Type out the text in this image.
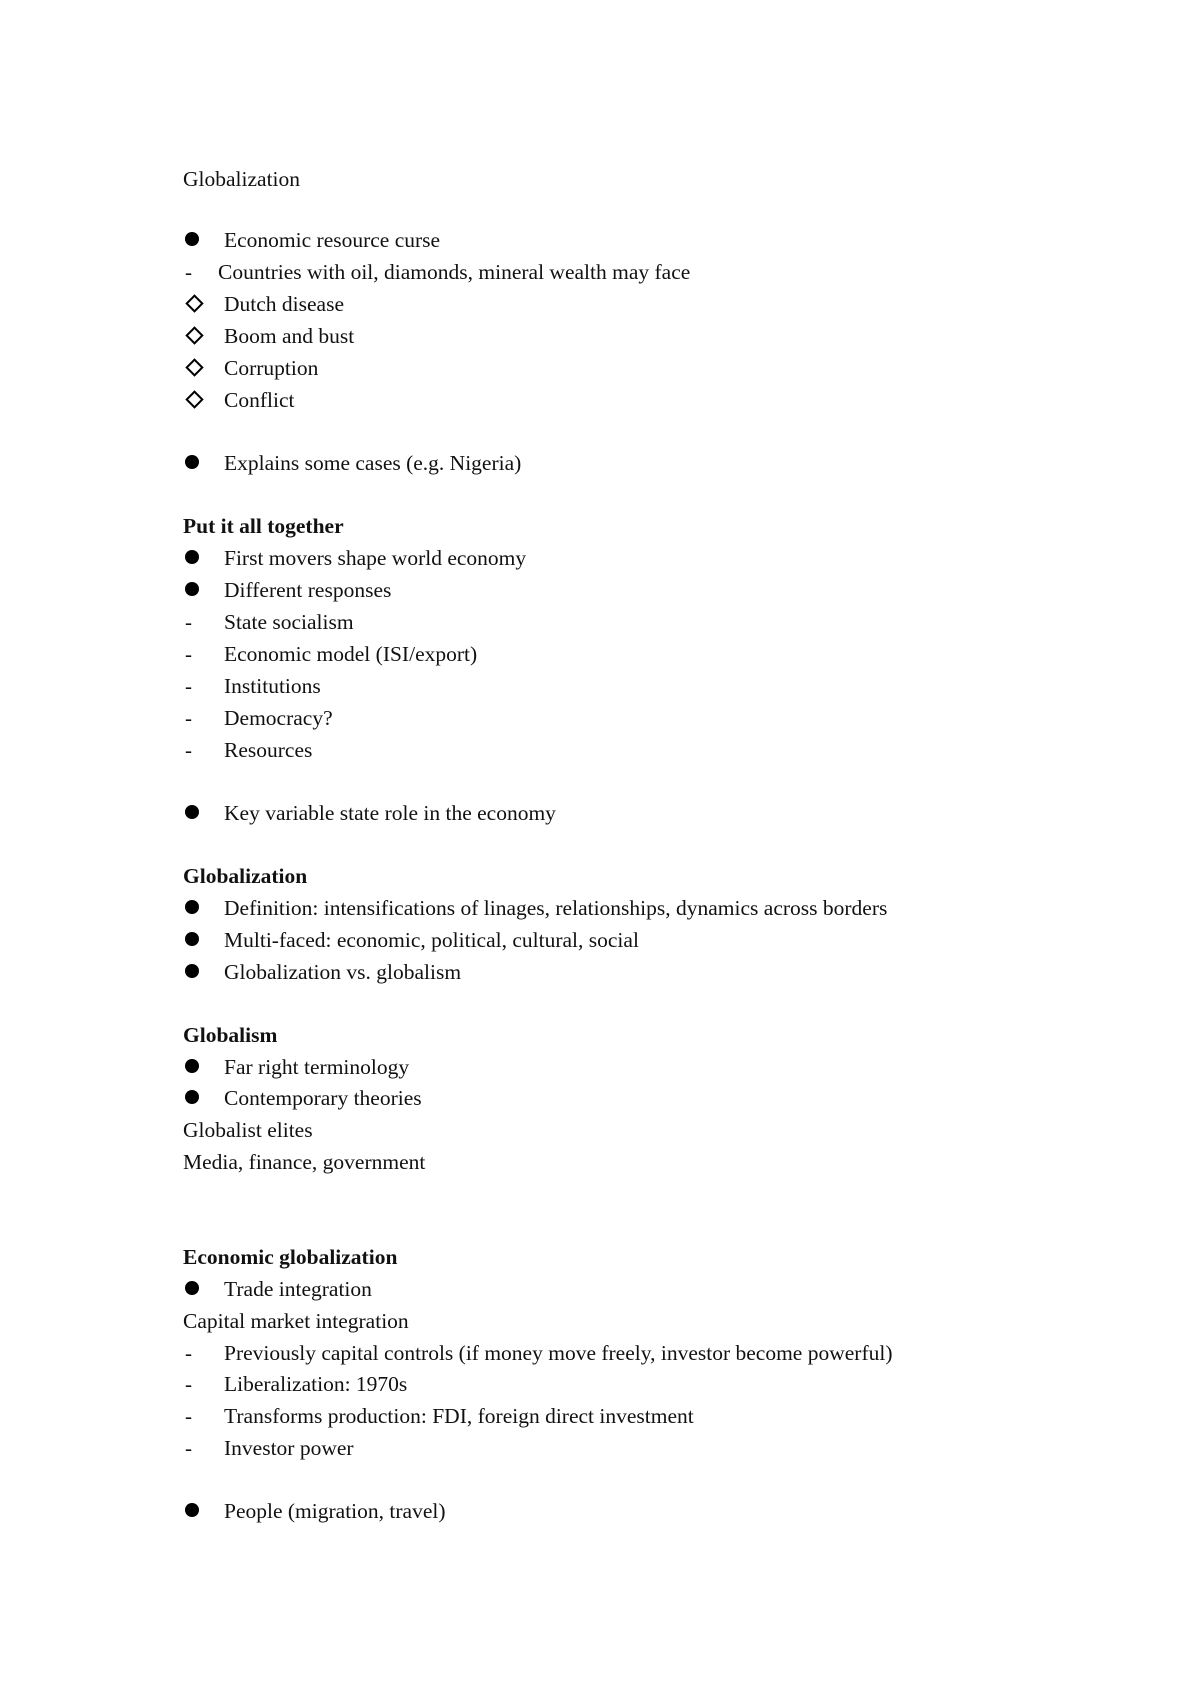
Globalization
Economic resource curse
- Countries with oil, diamonds, mineral wealth may face
Dutch disease
Boom and bust
Corruption
Conflict
Explains some cases (e.g. Nigeria)
Put it all together
First movers shape world economy
Different responses
- State socialism
- Economic model (ISI/export)
- Institutions
- Democracy?
- Resources
Key variable state role in the economy
Globalization
Definition: intensifications of linages, relationships, dynamics across borders
Multi-faced: economic, political, cultural, social
Globalization vs. globalism
Globalism
Far right terminology
Contemporary theories
Globalist elites
Media, finance, government
Economic globalization
Trade integration
Capital market integration
- Previously capital controls (if money move freely, investor become powerful)
- Liberalization: 1970s
- Transforms production: FDI, foreign direct investment
- Investor power
People (migration, travel)
